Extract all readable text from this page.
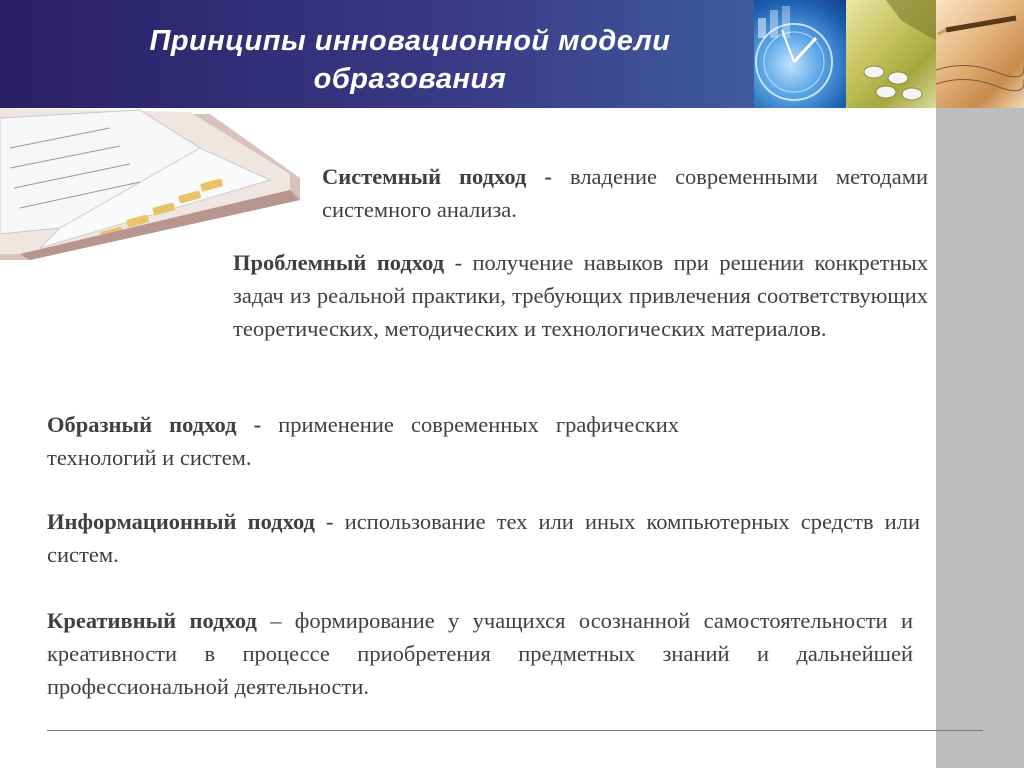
Принципы инновационной модели
образования

Системный подход - владение современными методами системного анализа.

Проблемный подход - получение навыков при решении конкретных задач из реальной практики, требующих привлечения соответствующих теоретических, методических и технологических материалов.

Образный подход - применение современных графических технологий и систем.

Информационный подход - использование тех или иных компьютерных средств или систем.

Креативный подход – формирование у учащихся осознанной самостоятельности и креативности в процессе приобретения предметных знаний и дальнейшей профессиональной деятельности.
